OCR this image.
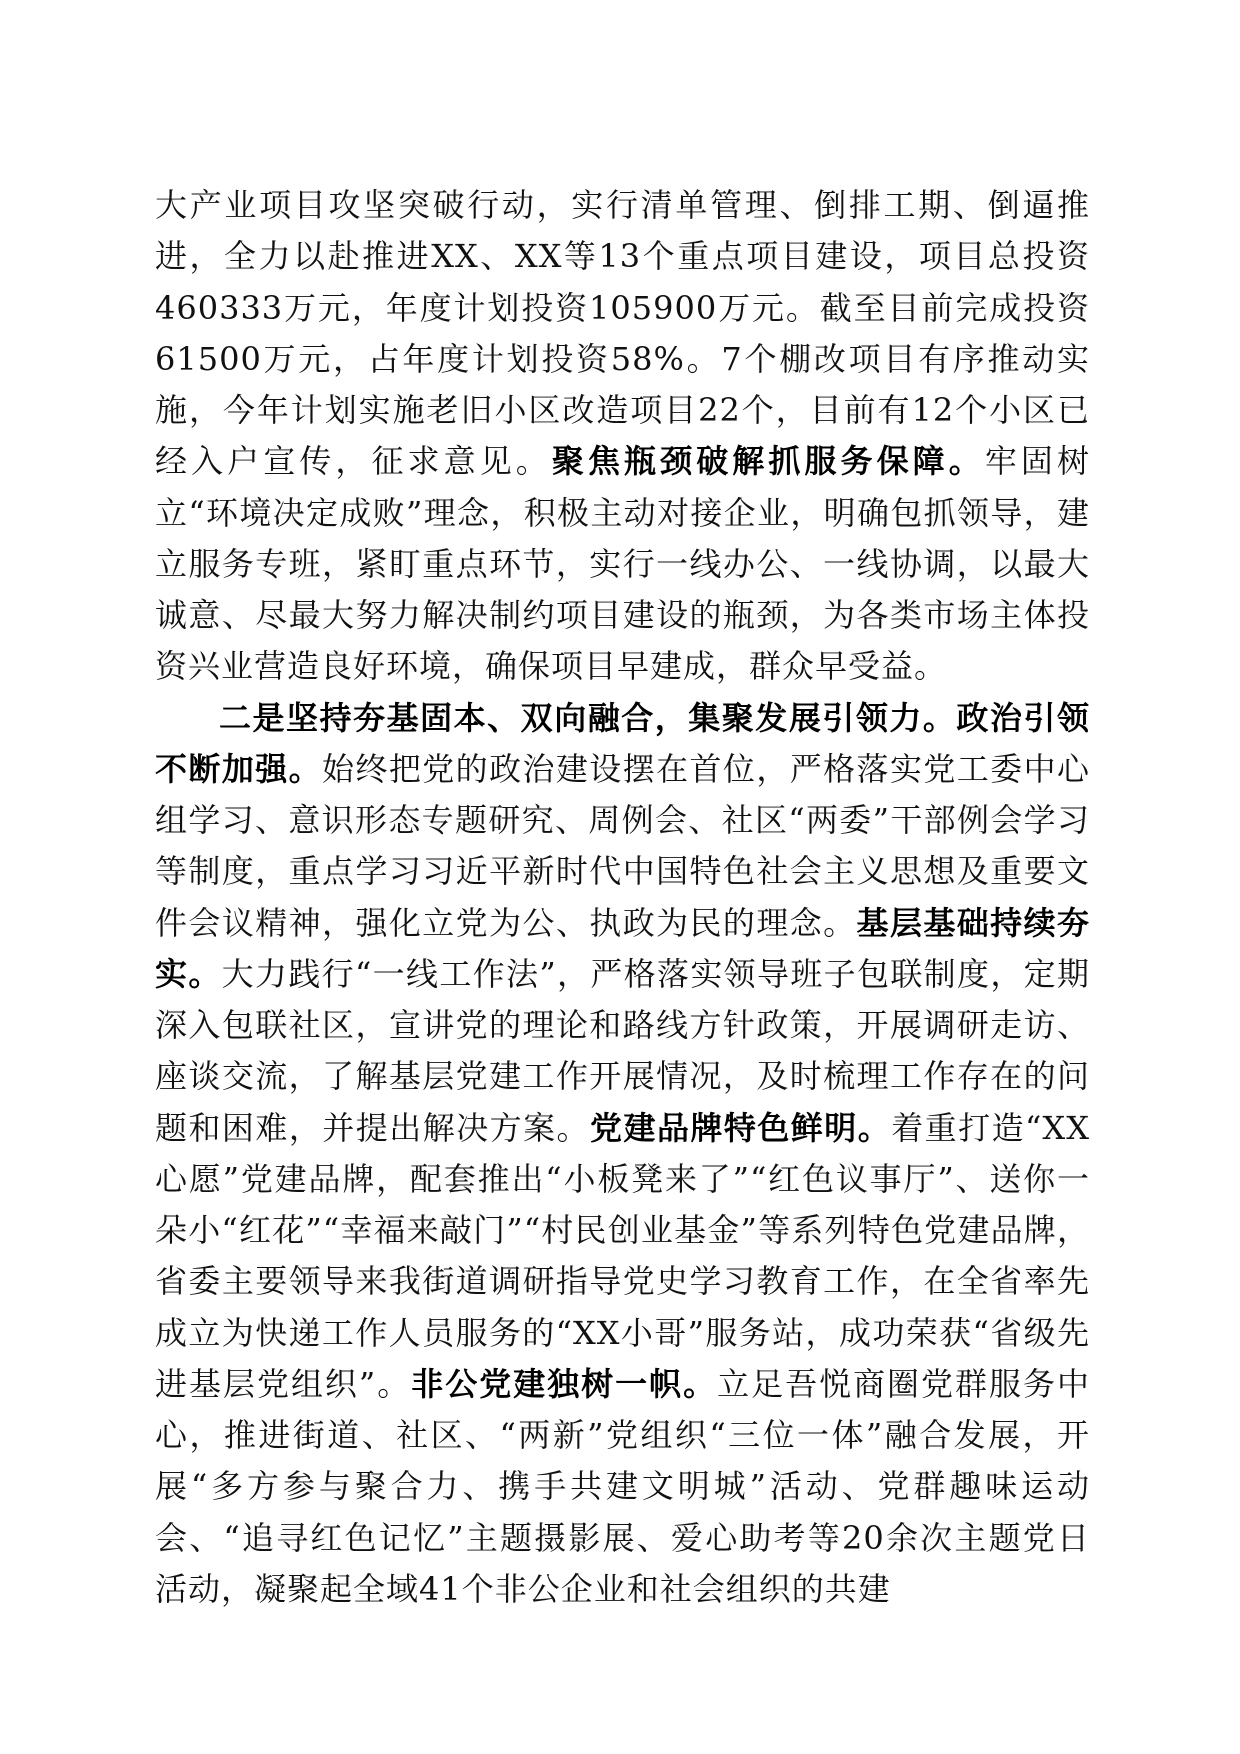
大产业项目攻坚突破行动，实行清单管理、倒排工期、倒逼推进，全力以赴推进XX、XX等13个重点项目建设，项目总投资460333万元，年度计划投资105900万元。截至目前完成投资61500万元，占年度计划投资58%。7个棚改项目有序推动实施，今年计划实施老旧小区改造项目22个，目前有12个小区已经入户宣传，征求意见。聚焦瓶颈破解抓服务保障。牢固树立“环境决定成败”理念，积极主动对接企业，明确包抓领导，建立服务专班，紧盯重点环节，实行一线办公、一线协调，以最大诚意、尽最大努力解决制约项目建设的瓶颈，为各类市场主体投资兴业营造良好环境，确保项目早建成，群众早受益。

二是坚持夯基固本、双向融合，集聚发展引领力。政治引领不断加强。始终把党的政治建设摆在首位，严格落实党工委中心组学习、意识形态专题研究、周例会、社区“两委”干部例会学习等制度，重点学习习近平新时代中国特色社会主义思想及重要文件会议精神，强化立党为公、执政为民的理念。基层基础持续夯实。大力践行“一线工作法”，严格落实领导班子包联制度，定期深入包联社区，宣讲党的理论和路线方针政策，开展调研走访、座谈交流，了解基层党建工作开展情况，及时梳理工作存在的问题和困难，并提出解决方案。党建品牌特色鲜明。着重打造“XX心愿”党建品牌，配套推出“小板凳来了”“红色议事厅”、送你一朵小“红花”“幸福来敲门”“村民创业基金”等系列特色党建品牌，省委主要领导来我街道调研指导党史学习教育工作，在全省率先成立为快递工作人员服务的“XX小哥”服务站，成功荣获“省级先进基层党组织”。非公党建独树一帜。立足吾悦商圈党群服务中心，推进街道、社区、“两新”党组织“三位一体”融合发展，开展“多方参与聚合力、携手共建文明城”活动、党群趣味运动会、“追寻红色记忆”主题摄影展、爱心助考等20余次主题党日活动，凝聚起全域41个非公企业和社会组织的共建
